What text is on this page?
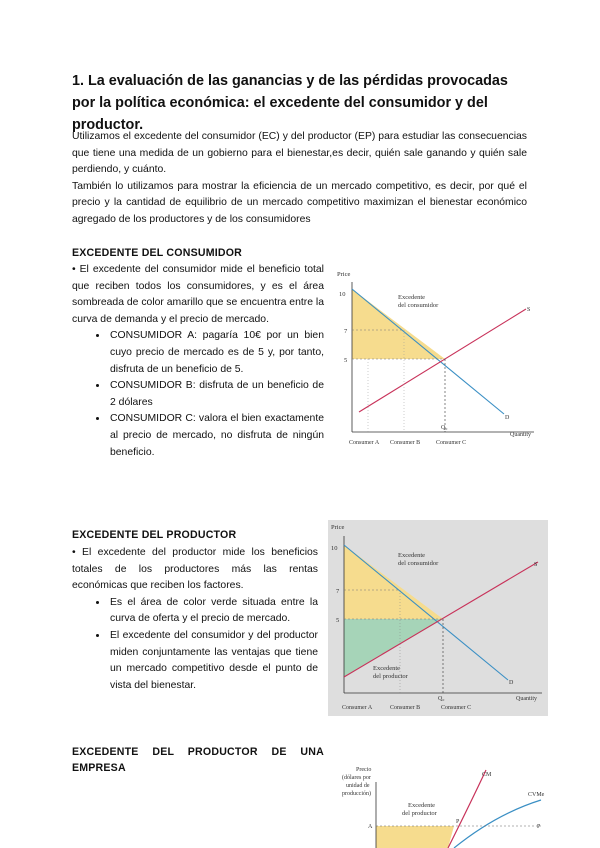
1. La evaluación de las ganancias y de las pérdidas provocadas por la política económica: el excedente del consumidor y del productor.

Utilizamos el excedente del consumidor (EC) y del productor (EP) para estudiar las consecuencias que tiene una medida de un gobierno para el bienestar,es decir, quién sale ganando y quién sale perdiendo, y cuánto.

También lo utilizamos para mostrar la eficiencia de un mercado competitivo, es decir, por qué el precio y la cantidad de equilibrio de un mercado competitivo maximizan el bienestar económico agregado de los productores y de los consumidores

EXCEDENTE DEL CONSUMIDOR

• El excedente del consumidor mide el beneficio total que reciben todos los consumidores, y es el área sombreada de color amarillo que se encuentra entre la curva de demanda y el precio de mercado.

• CONSUMIDOR A: pagaría 10€ por un bien cuyo precio de mercado es de 5 y, por tanto, disfruta de un beneficio de 5.
• CONSUMIDOR B: disfruta de un beneficio de 2 dólares
• CONSUMIDOR C: valora el bien exactamente al precio de mercado, no disfruta de ningún beneficio.
Price
10
7
5
Excedente
del consumidor
S
D
Q₀
Quantity
Consumer A Consumer B	Consumer C
EXCEDENTE DEL PRODUCTOR

• El excedente del productor mide los beneficios totales de los productores más las rentas económicas que reciben los factores.

• Es el área de color verde situada entre la curva de oferta y el precio de mercado.
• El excedente del consumidor y del productor miden conjuntamente las ventajas que tiene un mercado competitivo desde el punto de vista del bienestar.
Price
10
7
5
Excedente
del consumidor
Excedente
del productor
S
D
Q₀	Quantity
Consumer A	Consumer B	Consumer C
EXCEDENTE DEL PRODUCTOR DE UNA EMPRESA	Precio
(dólares por
unidad de
producción)
Excedente
del productor
CM
CVMe
A
P
P
